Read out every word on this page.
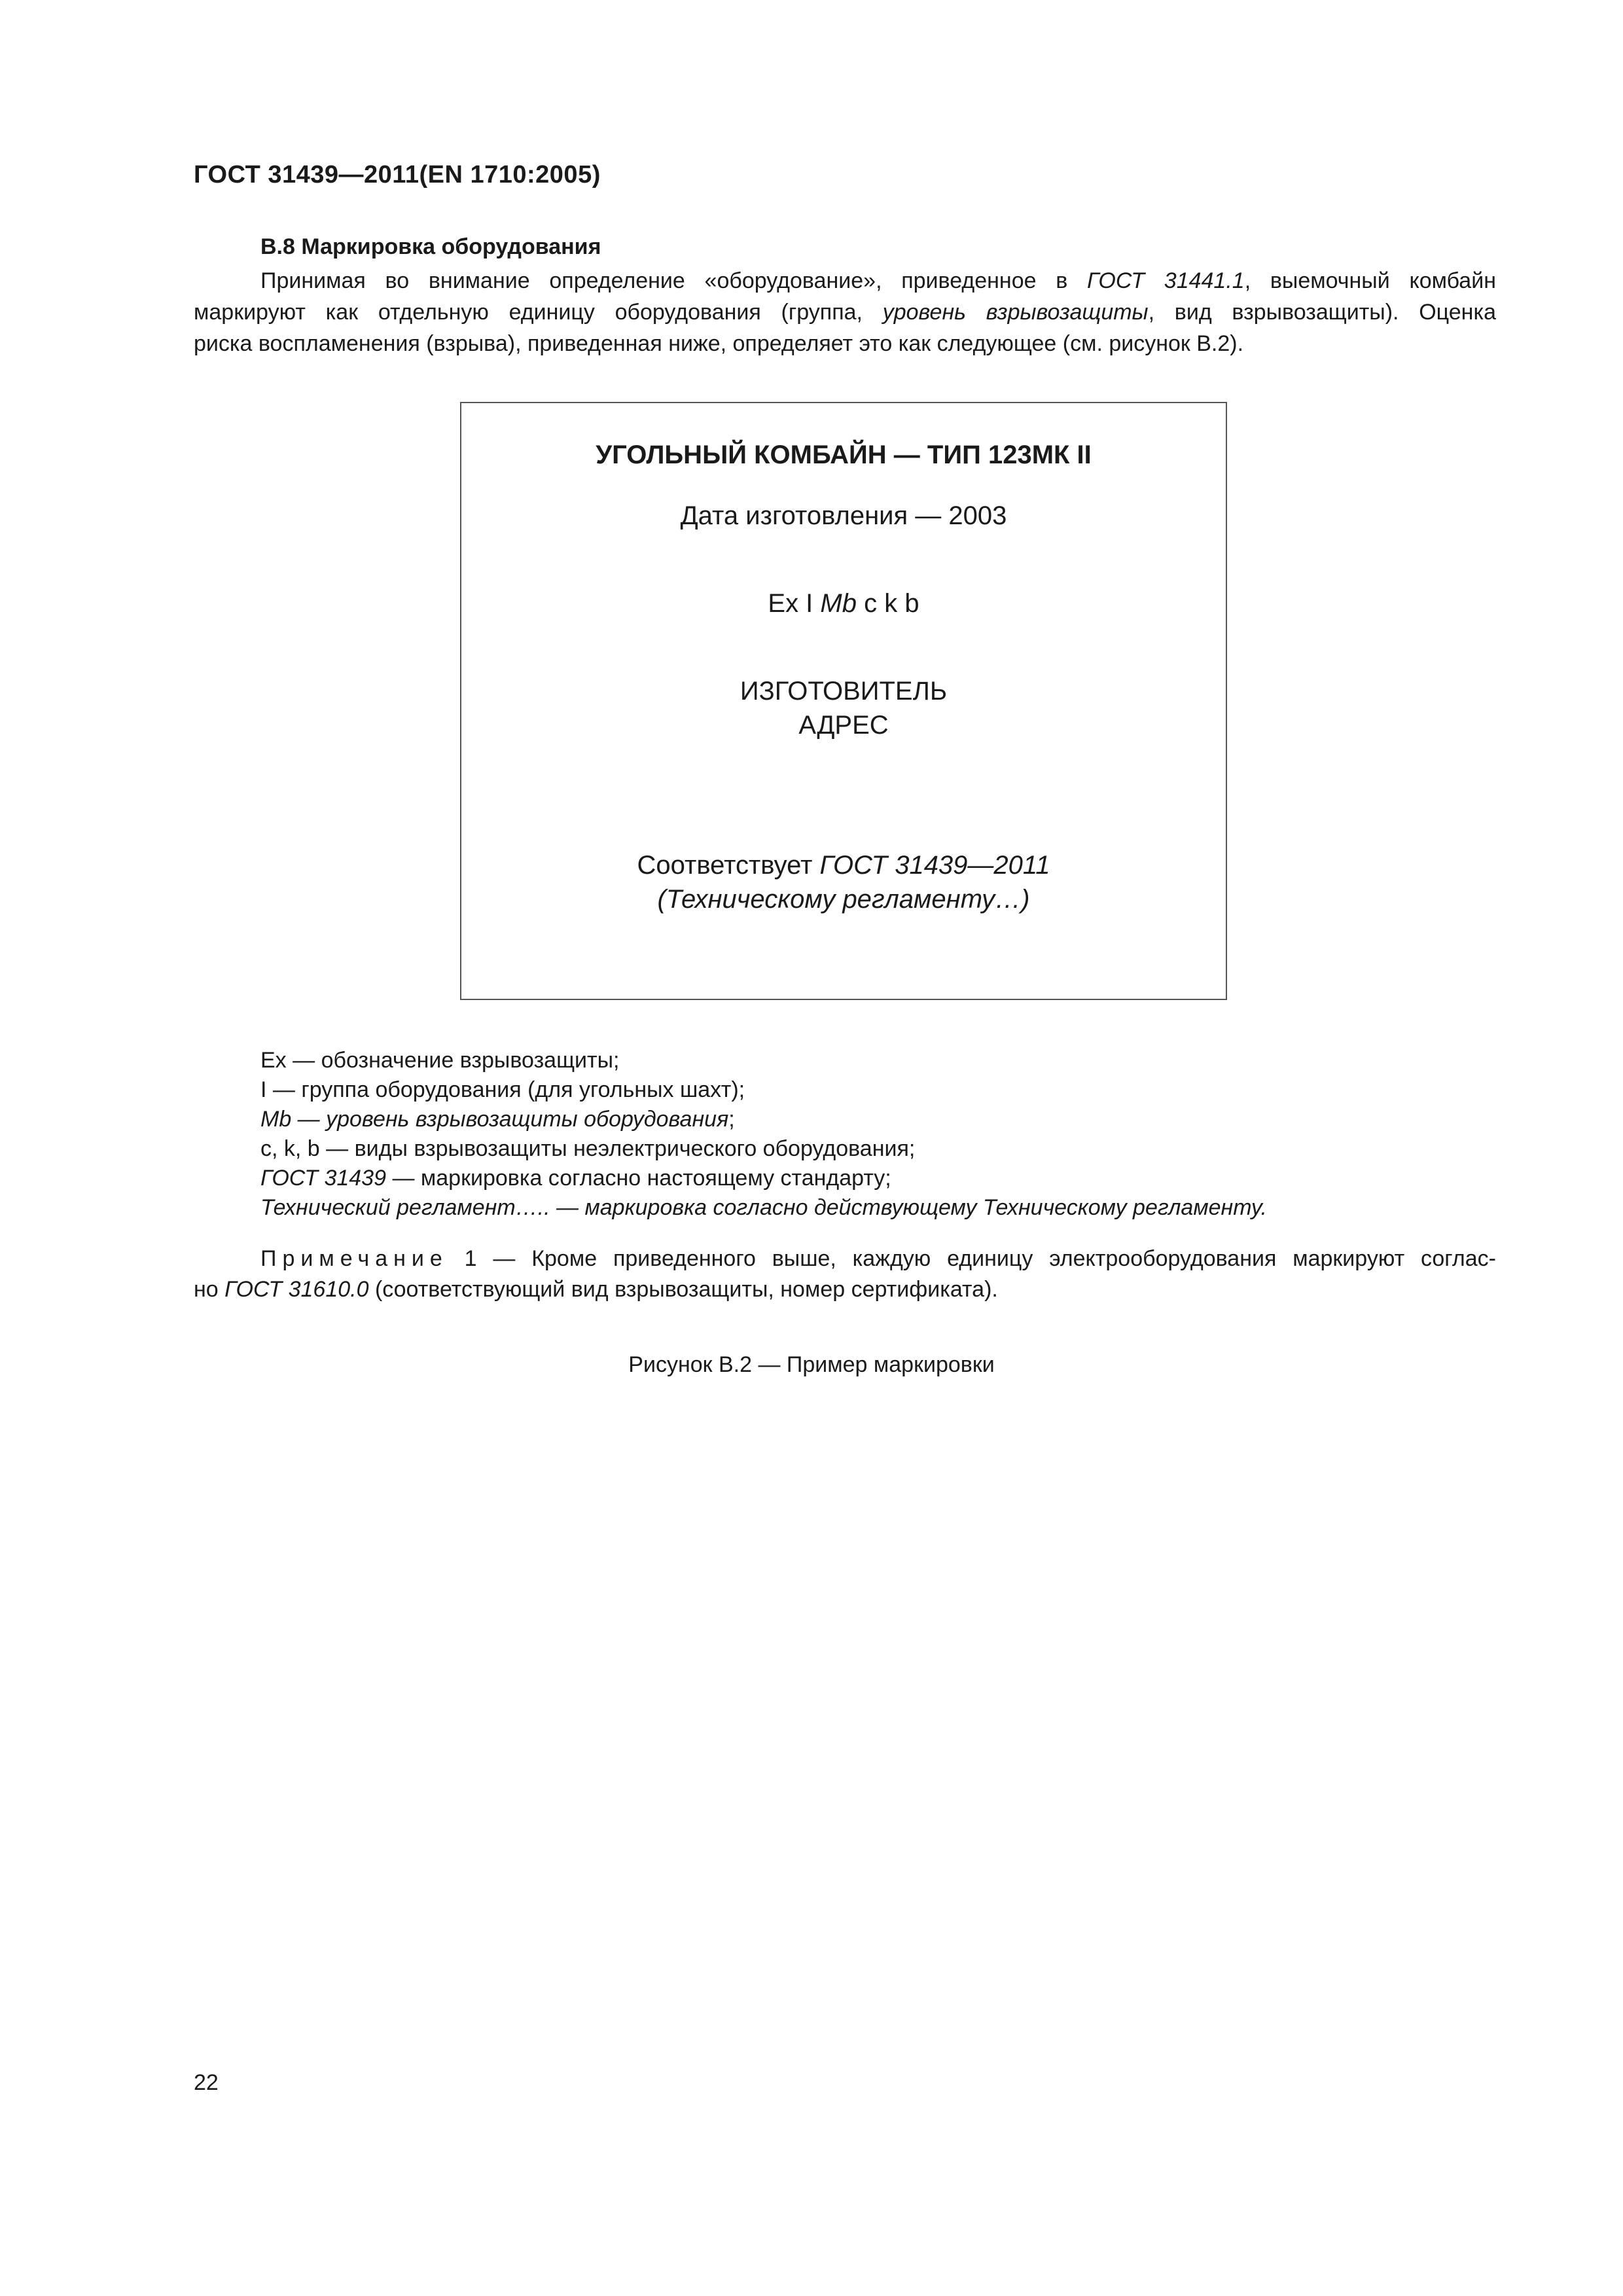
ГОСТ 31439—2011(EN 1710:2005)
B.8 Маркировка оборудования
Принимая во внимание определение «оборудование», приведенное в ГОСТ 31441.1, выемочный комбайн
маркируют как отдельную единицу оборудования (группа, уровень взрывозащиты, вид взрывозащиты). Оценка
риска воспламенения (взрыва), приведенная ниже, определяет это как следующее (см. рисунок B.2).
УГОЛЬНЫЙ КОМБАЙН — ТИП 123МК II
Дата изготовления — 2003
Ex I Mb c k b
ИЗГОТОВИТЕЛЬ
АДРЕС
Соответствует ГОСТ 31439—2011
(Техническому регламенту…)
Ex — обозначение взрывозащиты;
I — группа оборудования (для угольных шахт);
Mb — уровень взрывозащиты оборудования;
c, k, b — виды взрывозащиты неэлектрического оборудования;
ГОСТ 31439 — маркировка согласно настоящему стандарту;
Технический регламент….. — маркировка согласно действующему Техническому регламенту.
Примечание 1 — Кроме приведенного выше, каждую единицу электрооборудования маркируют соглас-
но ГОСТ 31610.0 (соответствующий вид взрывозащиты, номер сертификата).
Рисунок B.2 — Пример маркировки
22
